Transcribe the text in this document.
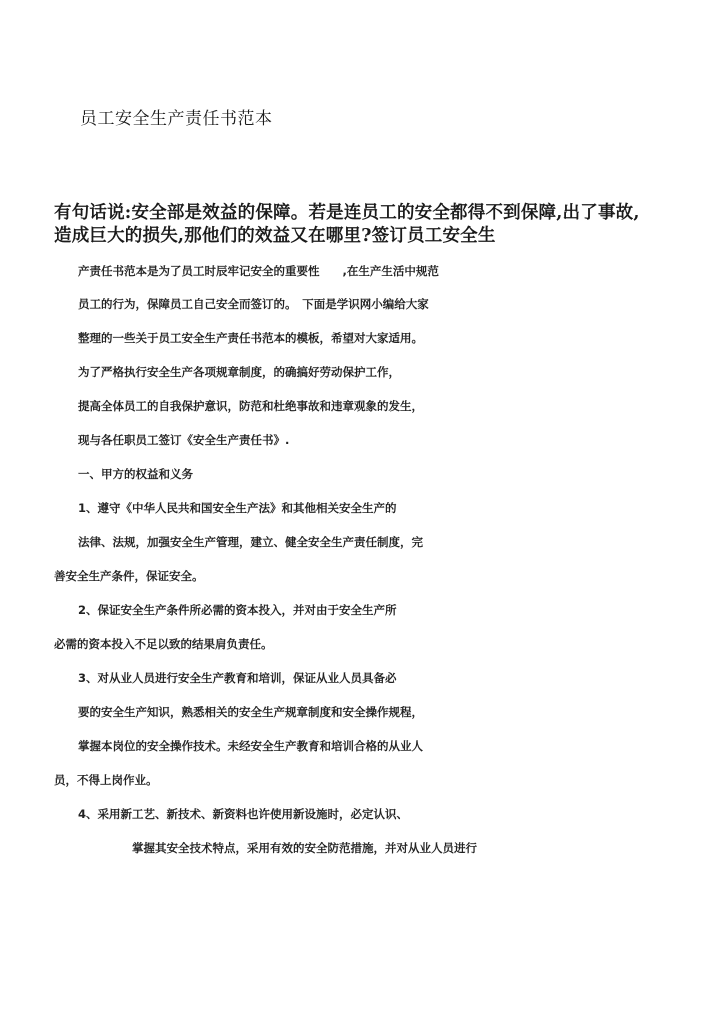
员工安全生产责任书范本
有句话说:安全部是效益的保障。若是连员工的安全都得不到保障,出了事故,
造成巨大的损失,那他们的效益又在哪里?签订员工安全生
产责任书范本是为了员工时辰牢记安全的重要性　　,在生产生活中规范
员工的行为，保障员工自己安全而签订的。　下面是学识网小编给大家
整理的一些关于员工安全生产责任书范本的模板，希望对大家适用。
为了严格执行安全生产各项规章制度，的确搞好劳动保护工作，
提高全体员工的自我保护意识，防范和杜绝事故和违章观象的发生，
现与各任职员工签订《安全生产责任书》.
一、甲方的权益和义务
1、遵守《中华人民共和国安全生产法》和其他相关安全生产的
法律、法规，加强安全生产管理，建立、健全安全生产责任制度，完
善安全生产条件，保证安全。
2、保证安全生产条件所必需的资本投入，并对由于安全生产所
必需的资本投入不足以致的结果肩负责任。
3、对从业人员进行安全生产教育和培训，保证从业人员具备必
要的安全生产知识，熟悉相关的安全生产规章制度和安全操作规程，
掌握本岗位的安全操作技术。未经安全生产教育和培训合格的从业人
员，不得上岗作业。
4、采用新工艺、新技术、新资料也许使用新设施时，必定认识、
掌握其安全技术特点，采用有效的安全防范措施，并对从业人员进行
